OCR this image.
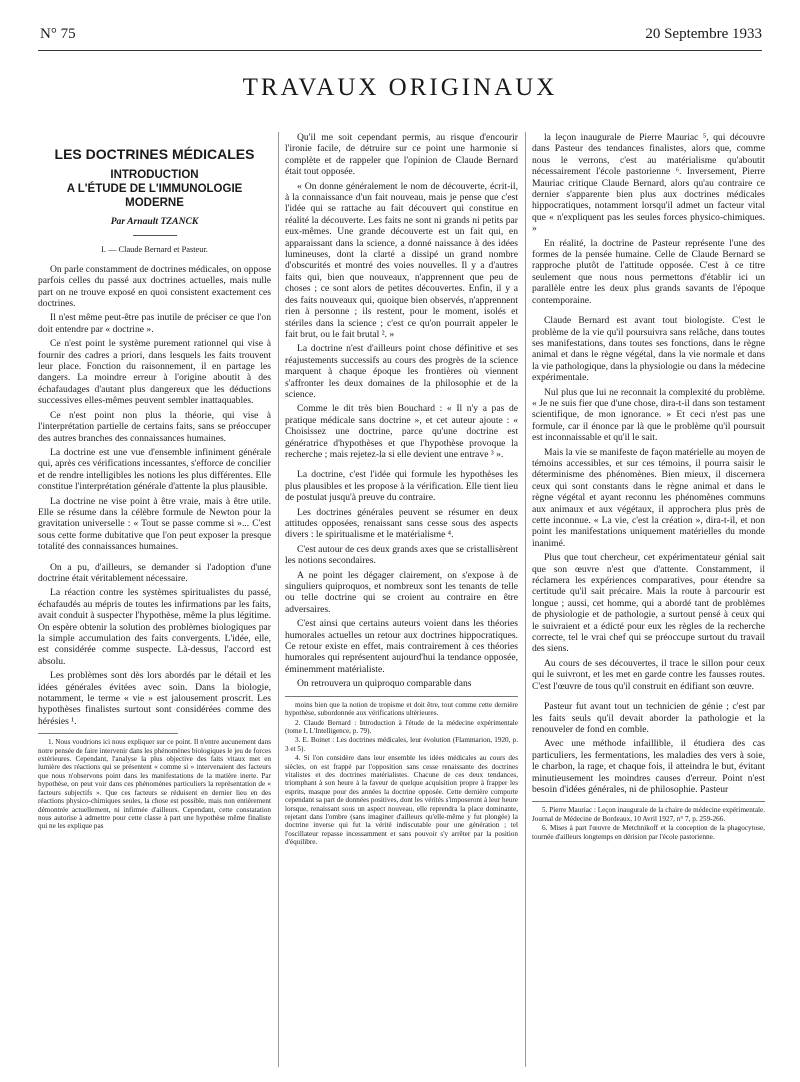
N° 75	20 Septembre 1933
TRAVAUX ORIGINAUX
LES DOCTRINES MÉDICALES
INTRODUCTION
A L'ÉTUDE DE L'IMMUNOLOGIE
MODERNE
Par Arnault TZANCK
I. — Claude Bernard et Pasteur.

On parle constamment de doctrines médicales, on oppose parfois celles du passé aux doctrines actuelles, mais nulle part on ne trouve exposé en quoi consistent exactement ces doctrines.

Il n'est même peut-être pas inutile de préciser ce que l'on doit entendre par « doctrine ».

Ce n'est point le système purement rationnel qui vise à fournir des cadres a priori, dans lesquels les faits trouvent leur place. Fonction du raisonnement, il en partage les dangers. La moindre erreur à l'origine aboutit à des échafaudages d'autant plus dangereux que les déductions successives elles-mêmes peuvent sembler inattaquables.

Ce n'est point non plus la théorie, qui vise à l'interprétation partielle de certains faits, sans se préoccuper des autres branches des connaissances humaines.

La doctrine est une vue d'ensemble infiniment générale qui, après ces vérifications incessantes, s'efforce de concilier et de rendre intelligibles les notions les plus différentes. Elle constitue l'interprétation générale d'attente la plus plausible.

La doctrine ne vise point à être vraie, mais à être utile. Elle se résume dans la célèbre formule de Newton pour la gravitation universelle : « Tout se passe comme si »... C'est sous cette forme dubitative que l'on peut exposer la presque totalité des connaissances humaines.

On a pu, d'ailleurs, se demander si l'adoption d'une doctrine était véritablement nécessaire.

La réaction contre les systèmes spiritualistes du passé, échafaudés au mépris de toutes les infirmations par les faits, avait conduit à suspecter l'hypothèse, même la plus légitime. On espère obtenir la solution des problèmes biologiques par la simple accumulation des faits convergents. L'idée, elle, est considérée comme suspecte. Là-dessus, l'accord est absolu.

Les problèmes sont dès lors abordés par le détail et les idées générales évitées avec soin. Dans la biologie, notamment, le terme « vie » est jalousement proscrit. Les hypothèses finalistes surtout sont considérées comme des hérésies ¹.

1. Nous voudrions ici nous expliquer sur ce point. Il n'entre aucunement dans notre pensée de faire intervenir dans les phénomènes biologiques le jeu de forces extérieures. Cependant, l'analyse la plus objective des faits vitaux met en lumière des réactions qui se présentent « comme si » intervenaient des facteurs que nous n'observons point dans les manifestations de la matière inerte. Par hypothèse, on peut voir dans ces phénomènes particuliers la représentation de « facteurs subjectifs ». Que ces facteurs se réduisent en dernier lieu en des réactions physico-chimiques seules, la chose est possible, mais non entièrement démontrée actuellement, ni infirmée d'ailleurs. Cependant, cette constatation nous autorise à admettre pour cette classe à part une hypothèse même finaliste qui ne les explique pas

Qu'il me soit cependant permis, au risque d'encourir l'ironie facile, de détruire sur ce point une harmonie si complète et de rappeler que l'opinion de Claude Bernard était tout opposée.

« On donne généralement le nom de découverte, écrit-il, à la connaissance d'un fait nouveau, mais je pense que c'est l'idée qui se rattache au fait découvert qui constitue en réalité la découverte. Les faits ne sont ni grands ni petits par eux-mêmes. Une grande découverte est un fait qui, en apparaissant dans la science, a donné naissance à des idées lumineuses, dont la clarté a dissipé un grand nombre d'obscurités et montré des voies nouvelles. Il y a d'autres faits qui, bien que nouveaux, n'apprennent que peu de choses ; ce sont alors de petites découvertes. Enfin, il y a des faits nouveaux qui, quoique bien observés, n'apprennent rien à personne ; ils restent, pour le moment, isolés et stériles dans la science ; c'est ce qu'on pourrait appeler le fait brut, ou le fait brutal ². »

La doctrine n'est d'ailleurs point chose définitive et ses réajustements successifs au cours des progrès de la science marquent à chaque époque les frontières où viennent s'affronter les deux domaines de la philosophie et de la science.

Comme le dit très bien Bouchard : « Il n'y a pas de pratique médicale sans doctrine », et cet auteur ajoute : « Choisissez une doctrine, parce qu'une doctrine est génératrice d'hypothèses et que l'hypothèse provoque la recherche ; mais rejetez-la si elle devient une entrave ³ ».

La doctrine, c'est l'idée qui formule les hypothèses les plus plausibles et les propose à la vérification. Elle tient lieu de postulat jusqu'à preuve du contraire.

Les doctrines générales peuvent se résumer en deux attitudes opposées, renaissant sans cesse sous des aspects divers : le spiritualisme et le matérialisme ⁴.

C'est autour de ces deux grands axes que se cristallisèrent les notions secondaires.

A ne point les dégager clairement, on s'expose à de singuliers quiproquos, et nombreux sont les tenants de telle ou telle doctrine qui se croient au contraire en être adversaires.

C'est ainsi que certains auteurs voient dans les théories humorales actuelles un retour aux doctrines hippocratiques. Ce retour existe en effet, mais contrairement à ces théories humorales qui représentent aujourd'hui la tendance opposée, éminemment matérialiste.

On retrouvera un quiproquo comparable dans

moins bien que la notion de tropisme et doit être, tout comme cette dernière hypothèse, subordonnée aux vérifications ultérieures.

2. Claude Bernard : Introduction à l'étude de la médecine expérimentale (tome I, L'Intelligence, p. 79).

3. E. Boinet : Les doctrines médicales, leur évolution (Flammarion, 1920, p. 3 et 5).

4. Si l'on considère dans leur ensemble les idées médicales au cours des siècles, on est frappé par l'opposition sans cesse renaissante des doctrines vitalistes et des doctrines matérialistes. Chacune de ces deux tendances, triomphant à son heure à la faveur de quelque acquisition propre à frapper les esprits, masque pour des années la doctrine opposée. Cette dernière comporte cependant sa part de données positives, dont les vérités s'imposeront à leur heure lorsque, renaissant sous un aspect nouveau, elle reprendra la place dominante, rejetant dans l'ombre (sans imaginer d'ailleurs qu'elle-même y fut plongée) la doctrine inverse qui fut la vérité indiscutable pour une génération ; tel l'oscillateur repasse incessamment et sans pouvoir s'y arrêter par la position d'équilibre.

la leçon inaugurale de Pierre Mauriac ⁵, qui découvre dans Pasteur des tendances finalistes, alors que, comme nous le verrons, c'est au matérialisme qu'aboutit nécessairement l'école pastorienne ⁶. Inversement, Pierre Mauriac critique Claude Bernard, alors qu'au contraire ce dernier s'apparente bien plus aux doctrines médicales hippocratiques, notamment lorsqu'il admet un facteur vital que « n'expliquent pas les seules forces physico-chimiques. »

En réalité, la doctrine de Pasteur représente l'une des formes de la pensée humaine. Celle de Claude Bernard se rapproche plutôt de l'attitude opposée. C'est à ce titre seulement que nous nous permettons d'établir ici un parallèle entre les deux plus grands savants de l'époque contemporaine.

Claude Bernard est avant tout biologiste. C'est le problème de la vie qu'il poursuivra sans relâche, dans toutes ses manifestations, dans toutes ses fonctions, dans le règne animal et dans le règne végétal, dans la vie normale et dans la vie pathologique, dans la physiologie ou dans la médecine expérimentale.

Nul plus que lui ne reconnait la complexité du problème. « Je ne suis fier que d'une chose, dira-t-il dans son testament scientifique, de mon ignorance. » Et ceci n'est pas une formule, car il énonce par là que le problème qu'il poursuit est inconnaissable et qu'il le sait.

Mais la vie se manifeste de façon matérielle au moyen de témoins accessibles, et sur ces témoins, il pourra saisir le déterminisme des phénomènes. Bien mieux, il discernera ceux qui sont constants dans le règne animal et dans le règne végétal et ayant reconnu les phénomènes communs aux animaux et aux végétaux, il approchera plus près de cette inconnue. « La vie, c'est la création », dira-t-il, et non point les manifestations uniquement matérielles du monde inanimé.

Plus que tout chercheur, cet expérimentateur génial sait que son œuvre n'est que d'attente. Constamment, il réclamera les expériences comparatives, pour étendre sa certitude qu'il sait précaire. Mais la route à parcourir est longue ; aussi, cet homme, qui a abordé tant de problèmes de physiologie et de pathologie, a surtout pensé à ceux qui le suivraient et a édicté pour eux les règles de la recherche correcte, tel le vrai chef qui se préoccupe surtout du travail des siens.

Au cours de ses découvertes, il trace le sillon pour ceux qui le suivront, et les met en garde contre les fausses routes. C'est l'œuvre de tous qu'il construit en édifiant son œuvre.

Pasteur fut avant tout un technicien de génie ; c'est par les faits seuls qu'il devait aborder la pathologie et la renouveler de fond en comble.

Avec une méthode infaillible, il étudiera des cas particuliers, les fermentations, les maladies des vers à soie, le charbon, la rage, et chaque fois, il atteindra le but, évitant minutieusement les moindres causes d'erreur. Point n'est besoin d'idées générales, ni de philosophie. Pasteur

5. Pierre Mauriac : Leçon inaugurale de la chaire de médecine expérimentale. Journal de Médecine de Bordeaux, 10 Avril 1927, n° 7, p. 259-266.

6. Mises à part l'œuvre de Metchnikoff et la conception de la phagocytose, tournée d'ailleurs longtemps en dérision par l'école pastorienne.
